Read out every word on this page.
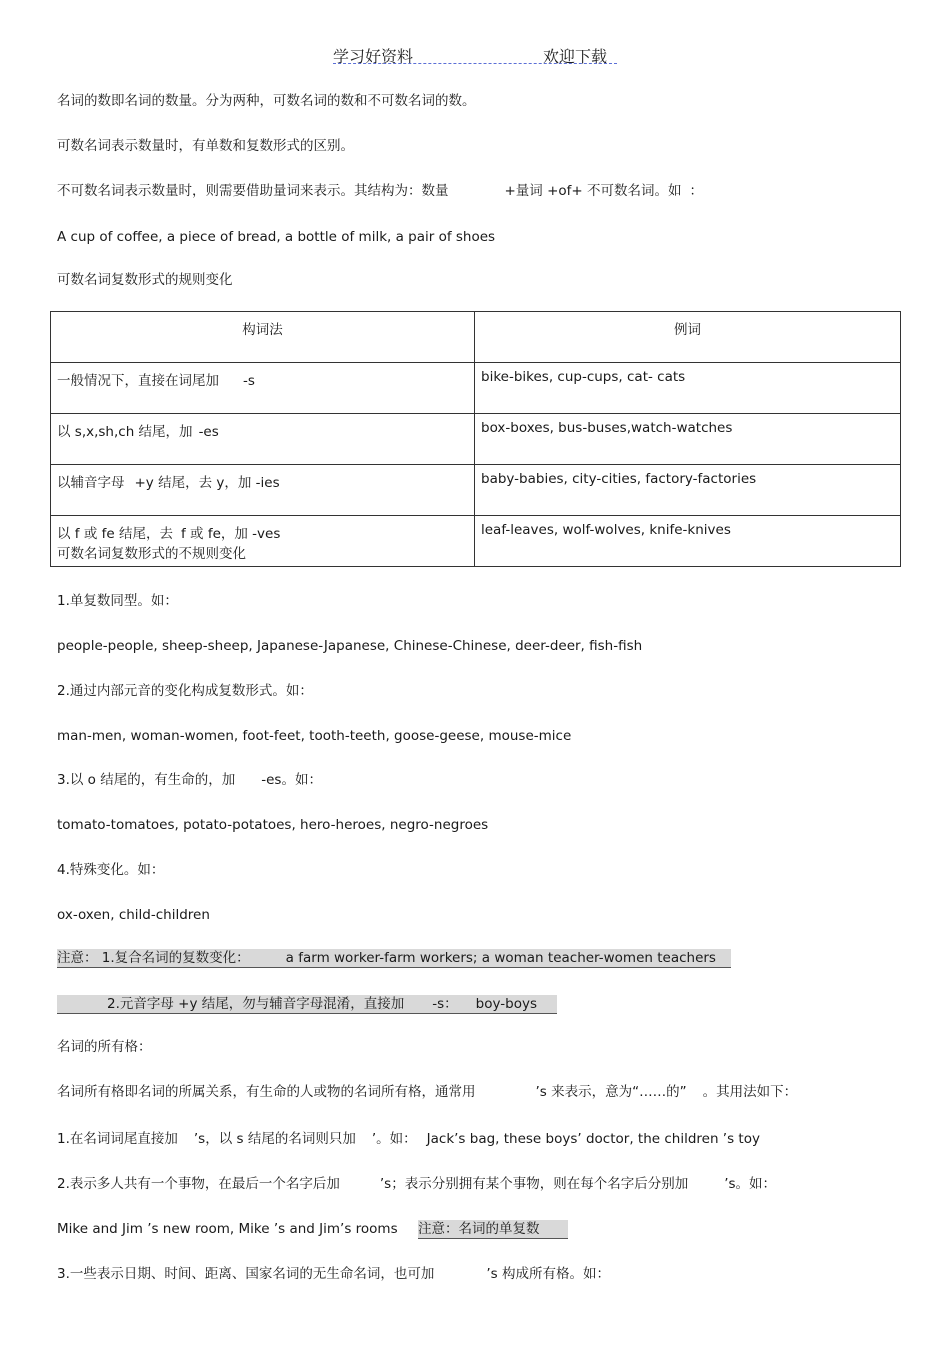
学习好资料	欢迎下载
名词的数即名词的数量。分为两种，可数名词的数和不可数名词的数。
可数名词表示数量时，有单数和复数形式的区别。
不可数名词表示数量时，则需要借助量词来表示。其结构为：数量	+量词 +of+ 不可数名词。如 ：
A cup of coffee, a piece of bread, a bottle of milk, a pair of shoes
可数名词复数形式的规则变化
构词法	例词
一般情况下，直接在词尾加 -s	bike-bikes, cup-cups, cat- cats
以 s,x,sh,ch 结尾，加 -es	box-boxes, bus-buses,watch-watches
以辅音字母 +y 结尾，去 y，加 -ies	baby-babies, city-cities, factory-factories
以 f 或 fe 结尾，去 f 或 fe，加 -ves	leaf-leaves, wolf-wolves, knife-knives
可数名词复数形式的不规则变化
1.单复数同型。如：
people-people, sheep-sheep, Japanese-Japanese, Chinese-Chinese, deer-deer, fish-fish
2.通过内部元音的变化构成复数形式。如：
man-men, woman-women, foot-feet, tooth-teeth, goose-geese, mouse-mice
3.以 o 结尾的，有生命的，加 -es。如：
tomato-tomatoes, potato-potatoes, hero-heroes, negro-negroes
4.特殊变化。如：
ox-oxen, child-children
注意： 1.复合名词的复数变化：	a farm worker-farm workers; a woman teacher-women teachers
2.元音字母 +y 结尾，勿与辅音字母混淆，直接加 -s： boy-boys
名词的所有格：
名词所有格即名词的所属关系，有生命的人或物的名词所有格，通常用	’s 来表示，意为“……的” 。其用法如下：
1.在名词词尾直接加 ’s，以 s 结尾的名词则只加 ’。如： Jack’s bag, these boys’ doctor, the children ’s toy
2.表示多人共有一个事物，在最后一个名字后加	’s；表示分别拥有某个事物，则在每个名字后分别加	’s。如：
Mike and Jim ’s new room, Mike ’s and Jim’s rooms 注意：名词的单复数
3.一些表示日期、时间、距离、国家名词的无生命名词，也可加	’s 构成所有格。如：
